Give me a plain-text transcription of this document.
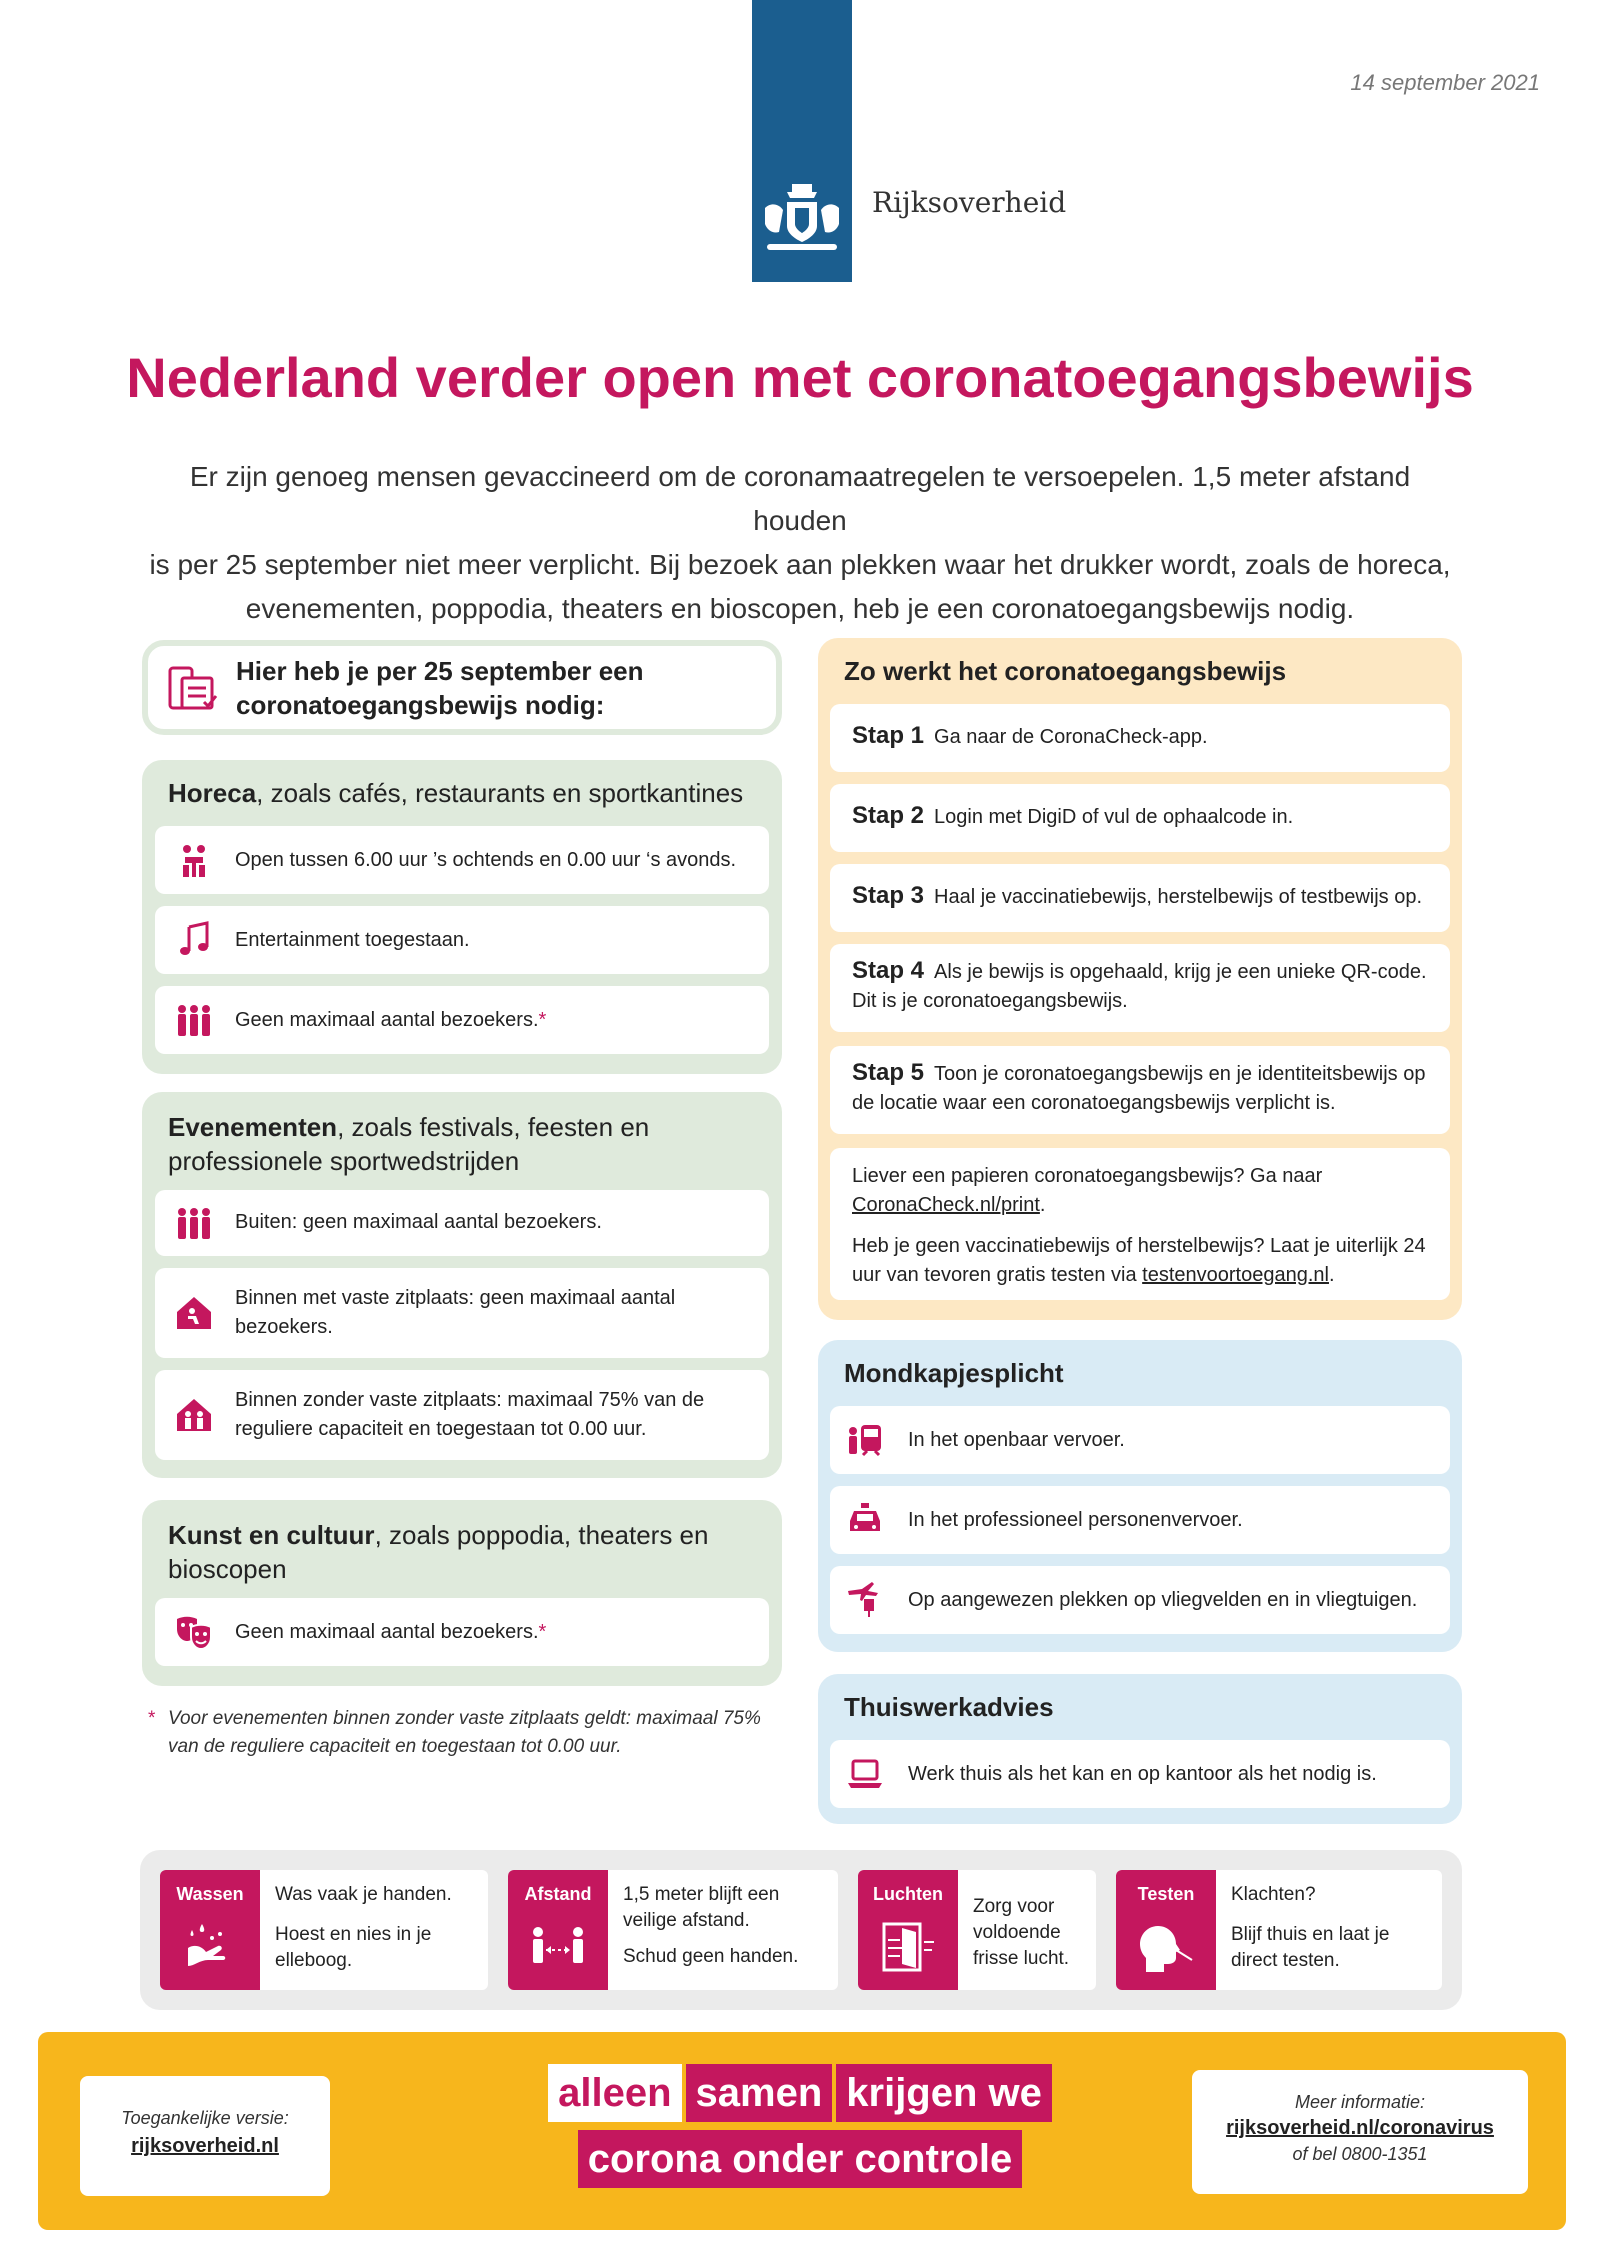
14 september 2021
Rijksoverheid
Nederland verder open met coronatoegangsbewijs
Er zijn genoeg mensen gevaccineerd om de coronamaatregelen te versoepelen. 1,5 meter afstand houden
is per 25 september niet meer verplicht. Bij bezoek aan plekken waar het drukker wordt, zoals de horeca,
evenementen, poppodia, theaters en bioscopen, heb je een coronatoegangsbewijs nodig.
Hier heb je per 25 september een
coronatoegangsbewijs nodig:
Horeca, zoals cafés, restaurants en sportkantines
Open tussen 6.00 uur ’s ochtends en 0.00 uur ‘s avonds.
Entertainment toegestaan.
Geen maximaal aantal bezoekers.*
Evenementen, zoals festivals, feesten en
professionele sportwedstrijden
Buiten: geen maximaal aantal bezoekers.
Binnen met vaste zitplaats: geen maximaal aantal
bezoekers.
Binnen zonder vaste zitplaats: maximaal 75% van de
reguliere capaciteit en toegestaan tot 0.00 uur.
Kunst en cultuur, zoals poppodia, theaters en
bioscopen
Geen maximaal aantal bezoekers.*
* Voor evenementen binnen zonder vaste zitplaats geldt: maximaal 75%
van de reguliere capaciteit en toegestaan tot 0.00 uur.
Zo werkt het coronatoegangsbewijs
Stap 1 Ga naar de CoronaCheck-app.
Stap 2 Login met DigiD of vul de ophaalcode in.
Stap 3 Haal je vaccinatiebewijs, herstelbewijs of testbewijs op.
Stap 4 Als je bewijs is opgehaald, krijg je een unieke QR-code.
Dit is je coronatoegangsbewijs.
Stap 5 Toon je coronatoegangsbewijs en je identiteitsbewijs op
de locatie waar een coronatoegangsbewijs verplicht is.
Liever een papieren coronatoegangsbewijs? Ga naar
CoronaCheck.nl/print.
Heb je geen vaccinatiebewijs of herstelbewijs? Laat je uiterlijk 24
uur van tevoren gratis testen via testenvoortoegang.nl.
Mondkapjesplicht
In het openbaar vervoer.
In het professioneel personenvervoer.
Op aangewezen plekken op vliegvelden en in vliegtuigen.
Thuiswerkadvies
Werk thuis als het kan en op kantoor als het nodig is.
Wassen	Was vaak je handen.
Hoest en nies in je
elleboog.
Afstand	1,5 meter blijft een
veilige afstand.
Schud geen handen.
Luchten
Zorg voor
voldoende
frisse lucht.
Testen	Klachten?
Blijf thuis en laat je
direct testen.
Toegankelijke versie:
rijksoverheid.nl
alleen samen krijgen we
corona onder controle
Meer informatie:
rijksoverheid.nl/coronavirus
of bel 0800-1351
